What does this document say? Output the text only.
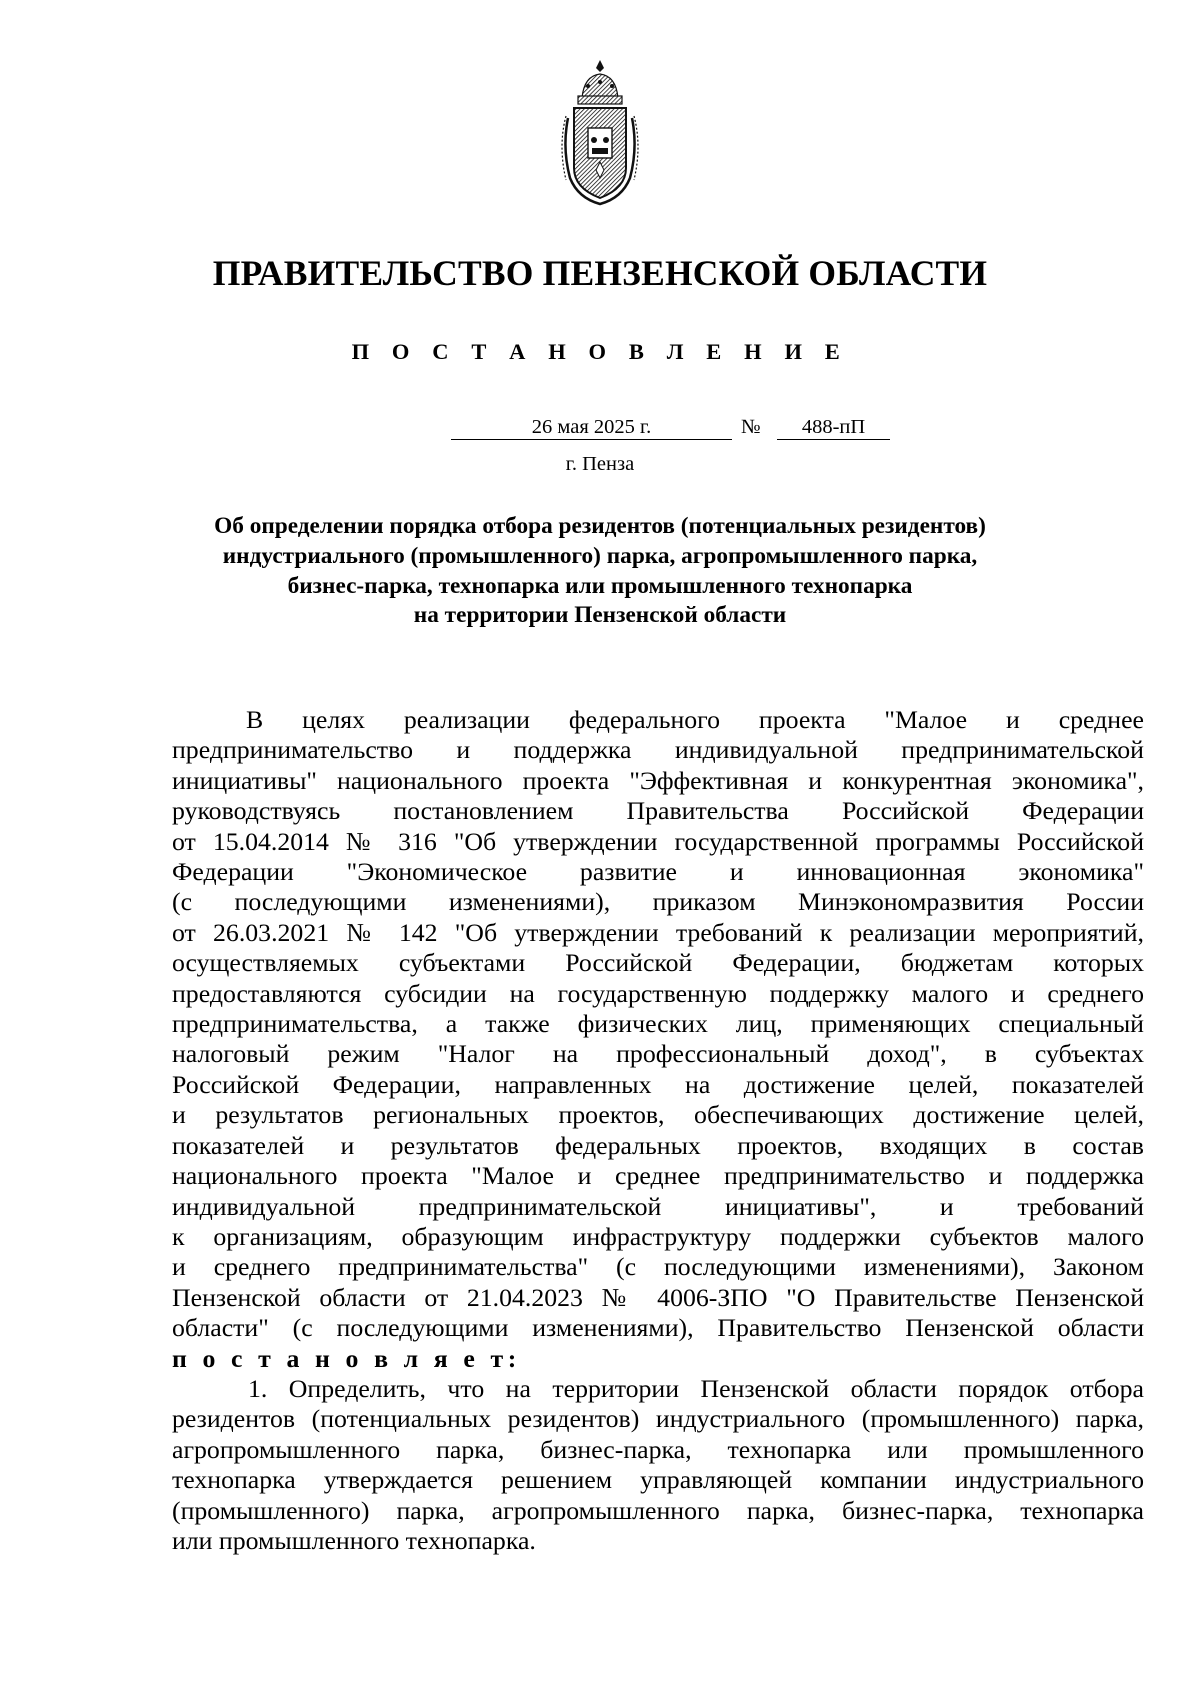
ПРАВИТЕЛЬСТВО ПЕНЗЕНСКОЙ ОБЛАСТИ
П О С Т А Н О В Л Е Н И Е
26 мая 2025 г.	№	488-пП
г. Пенза
Об определении порядка отбора резидентов (потенциальных резидентов)
индустриального (промышленного) парка, агропромышленного парка,
бизнес-парка, технопарка или промышленного технопарка
на территории Пензенской области
В целях реализации федерального проекта "Малое и среднее
предпринимательство и поддержка индивидуальной предпринимательской
инициативы" национального проекта "Эффективная и конкурентная экономика",
руководствуясь постановлением Правительства Российской Федерации
от 15.04.2014 № 316 "Об утверждении государственной программы Российской
Федерации "Экономическое развитие и инновационная экономика"
(с последующими изменениями), приказом Минэкономразвития России
от 26.03.2021 № 142 "Об утверждении требований к реализации мероприятий,
осуществляемых субъектами Российской Федерации, бюджетам которых
предоставляются субсидии на государственную поддержку малого и среднего
предпринимательства, а также физических лиц, применяющих специальный
налоговый режим "Налог на профессиональный доход", в субъектах
Российской Федерации, направленных на достижение целей, показателей
и результатов региональных проектов, обеспечивающих достижение целей,
показателей и результатов федеральных проектов, входящих в состав
национального проекта "Малое и среднее предпринимательство и поддержка
индивидуальной предпринимательской инициативы", и требований
к организациям, образующим инфраструктуру поддержки субъектов малого
и среднего предпринимательства" (с последующими изменениями), Законом
Пензенской области от 21.04.2023 № 4006-ЗПО "О Правительстве Пензенской
области" (с последующими изменениями), Правительство Пензенской области
п о с т а н о в л я е т:
1. Определить, что на территории Пензенской области порядок отбора
резидентов (потенциальных резидентов) индустриального (промышленного) парка,
агропромышленного парка, бизнес-парка, технопарка или промышленного
технопарка утверждается решением управляющей компании индустриального
(промышленного) парка, агропромышленного парка, бизнес-парка, технопарка
или промышленного технопарка.
